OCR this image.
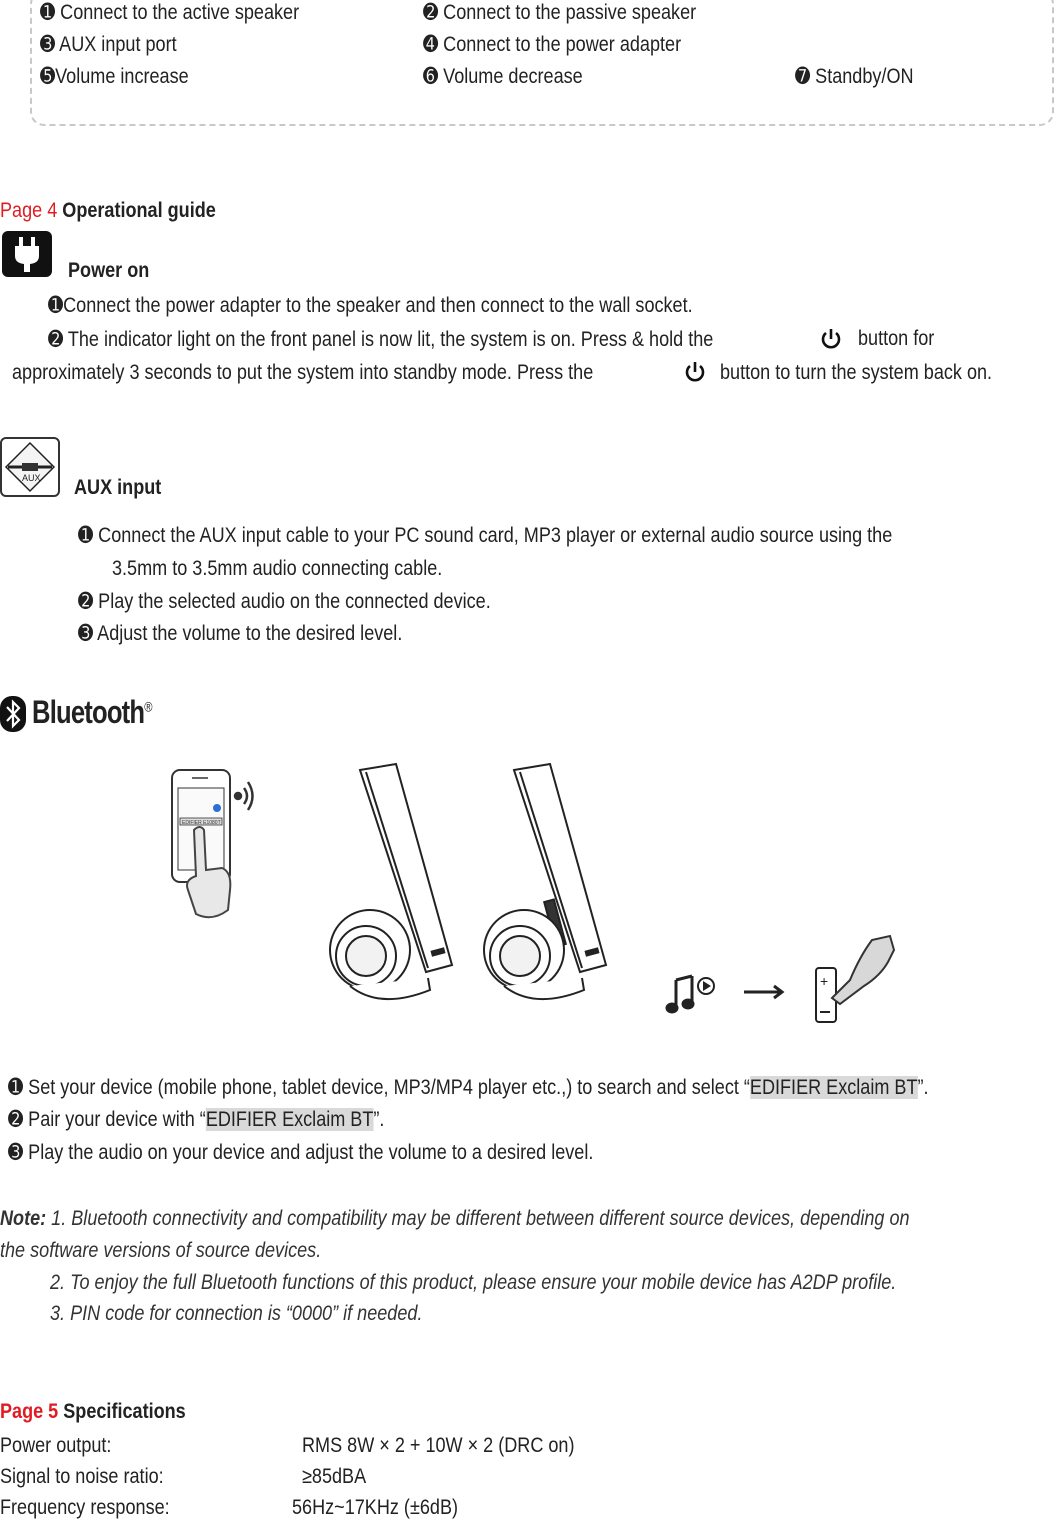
➊ Connect to the active speaker	➋ Connect to the passive speaker
➌ AUX input port	➍ Connect to the power adapter
➎Volume increase	➏ Volume decrease	➐ Standby/ON
Page 4 Operational guide
Power on
➊Connect the power adapter to the speaker and then connect to the wall socket.
➋ The indicator light on the front panel is now lit, the system is on. Press & hold the	button for
approximately 3 seconds to put the system into standby mode. Press the	button to turn the system back on.
AUX AUX input
➊ Connect the AUX input cable to your PC sound card, MP3 player or external audio source using the
3.5mm to 3.5mm audio connecting cable.
➋ Play the selected audio on the connected device.
➌ Adjust the volume to the desired level.
Bluetooth®
EDIFIER E1080T
+
➊ Set your device (mobile phone, tablet device, MP3/MP4 player etc.,) to search and select “EDIFIER Exclaim BT”.
➋ Pair your device with “EDIFIER Exclaim BT”.
➌ Play the audio on your device and adjust the volume to a desired level.
Note: 1. Bluetooth connectivity and compatibility may be different between different source devices, depending on
the software versions of source devices.
2. To enjoy the full Bluetooth functions of this product, please ensure your mobile device has A2DP profile.
3. PIN code for connection is “0000” if needed.
Page 5 Specifications
Power output:	RMS 8W × 2 + 10W × 2 (DRC on)
Signal to noise ratio:	≥85dBA
Frequency response:	56Hz~17KHz (±6dB)
